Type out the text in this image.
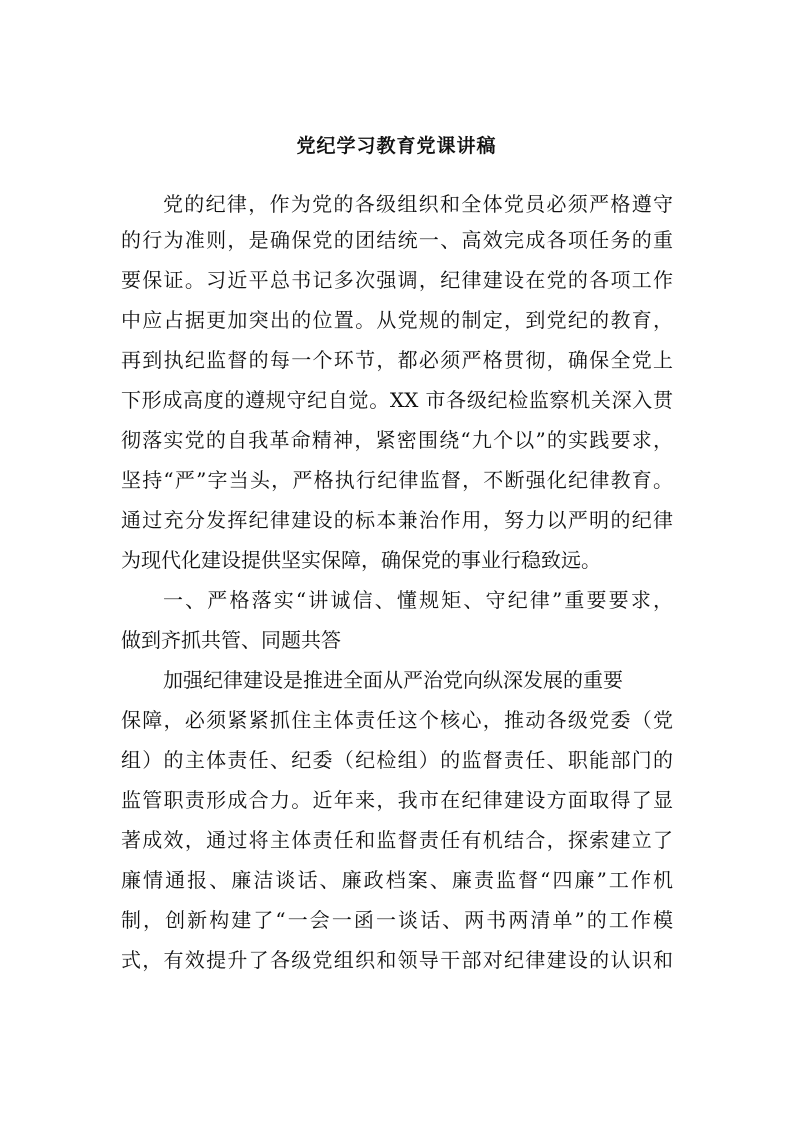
党纪学习教育党课讲稿
党的纪律，作为党的各级组织和全体党员必须严格遵守
的行为准则，是确保党的团结统一、高效完成各项任务的重
要保证。习近平总书记多次强调，纪律建设在党的各项工作
中应占据更加突出的位置。从党规的制定，到党纪的教育，
再到执纪监督的每一个环节，都必须严格贯彻，确保全党上
下形成高度的遵规守纪自觉。XX 市各级纪检监察机关深入贯
彻落实党的自我革命精神，紧密围绕“九个以”的实践要求，
坚持“严”字当头，严格执行纪律监督，不断强化纪律教育。
通过充分发挥纪律建设的标本兼治作用，努力以严明的纪律
为现代化建设提供坚实保障，确保党的事业行稳致远。
一、严格落实“讲诚信、懂规矩、守纪律”重要要求，
做到齐抓共管、同题共答
加强纪律建设是推进全面从严治党向纵深发展的重要
保障，必须紧紧抓住主体责任这个核心，推动各级党委（党
组）的主体责任、纪委（纪检组）的监督责任、职能部门的
监管职责形成合力。近年来，我市在纪律建设方面取得了显
著成效，通过将主体责任和监督责任有机结合，探索建立了
廉情通报、廉洁谈话、廉政档案、廉责监督“四廉”工作机
制，创新构建了“一会一函一谈话、两书两清单”的工作模
式，有效提升了各级党组织和领导干部对纪律建设的认识和
